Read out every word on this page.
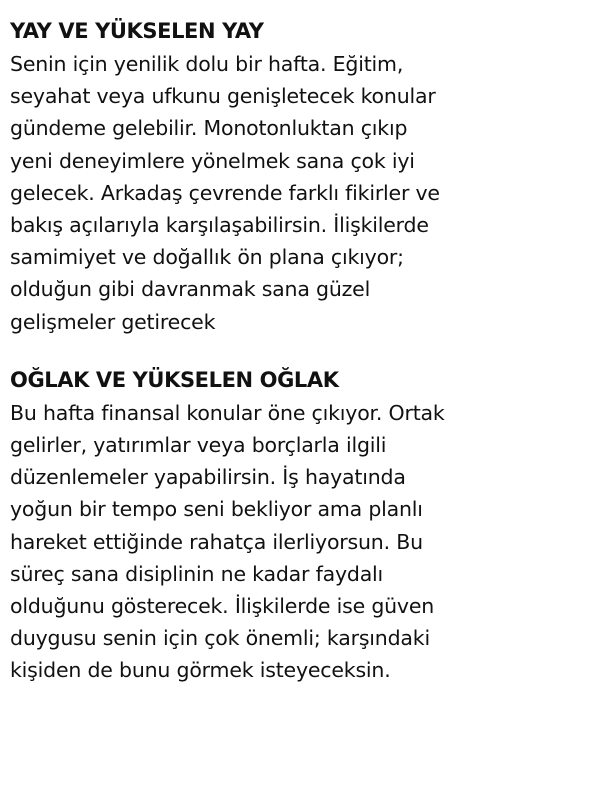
YAY VE YÜKSELEN YAY

Senin için yenilik dolu bir hafta. Eğitim,
seyahat veya ufkunu genişletecek konular
gündeme gelebilir. Monotonluktan çıkıp
yeni deneyimlere yönelmek sana çok iyi
gelecek. Arkadaş çevrende farklı fikirler ve
bakış açılarıyla karşılaşabilirsin. İlişkilerde
samimiyet ve doğallık ön plana çıkıyor;
olduğun gibi davranmak sana güzel
gelişmeler getirecek

OĞLAK VE YÜKSELEN OĞLAK

Bu hafta finansal konular öne çıkıyor. Ortak
gelirler, yatırımlar veya borçlarla ilgili
düzenlemeler yapabilirsin. İş hayatında
yoğun bir tempo seni bekliyor ama planlı
hareket ettiğinde rahatça ilerliyorsun. Bu
süreç sana disiplinin ne kadar faydalı
olduğunu gösterecek. İlişkilerde ise güven
duygusu senin için çok önemli; karşındaki
kişiden de bunu görmek isteyeceksin.
